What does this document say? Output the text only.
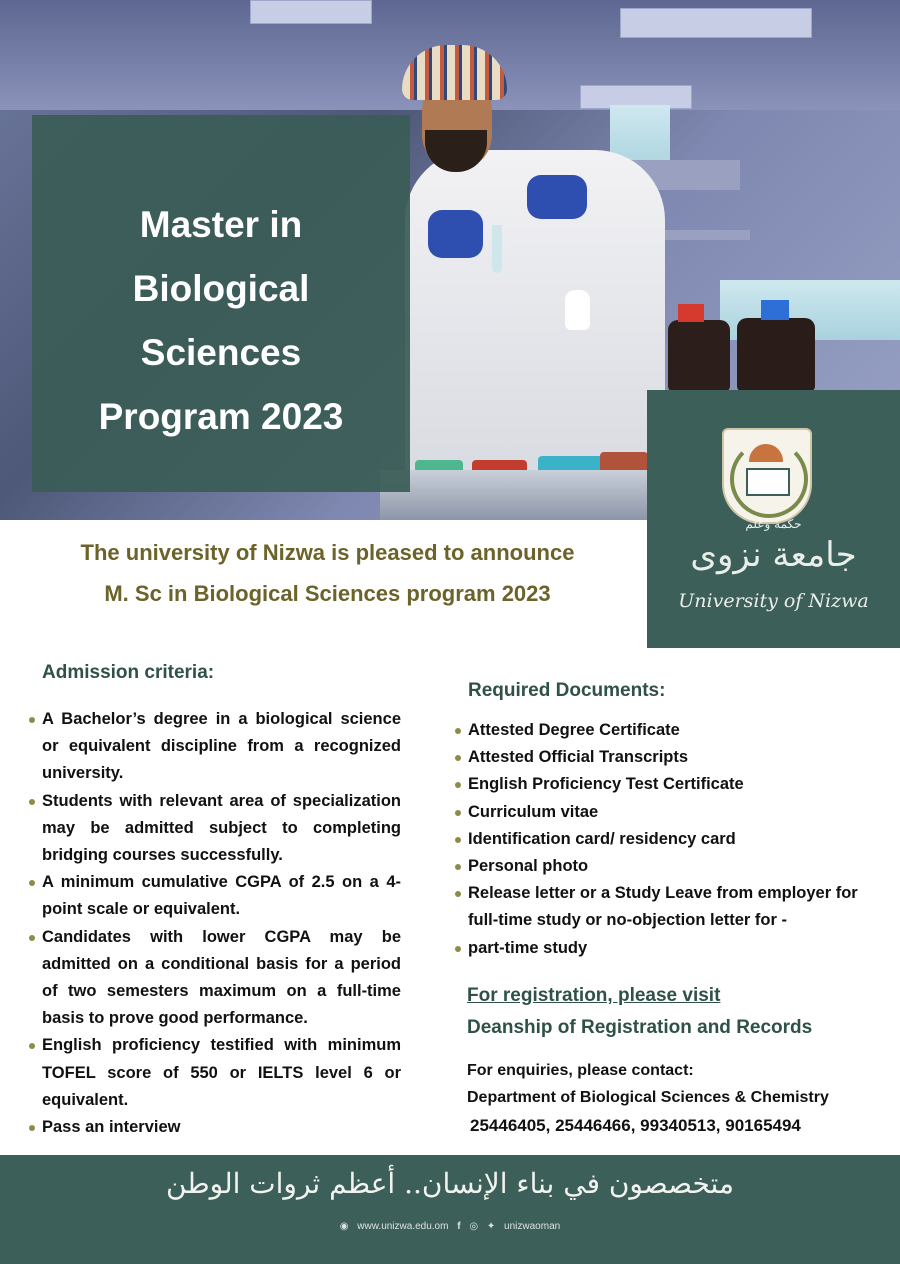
Master in
Biological
Sciences
Program 2023
حكمة وعلم
جامعة نزوى
University of Nizwa
The university of Nizwa is pleased to announce
M. Sc in Biological Sciences program 2023
Admission criteria:
A Bachelor’s degree in a biological science or equivalent discipline from a recognized university.
Students with relevant area of specialization may be admitted subject to completing bridging courses successfully.
A minimum cumulative CGPA of 2.5 on a 4-point scale or equivalent.
Candidates with lower CGPA may be admitted on a conditional basis for a period of two semesters maximum on a full-time basis to prove good performance.
English proficiency testified with minimum TOFEL score of 550 or IELTS level 6 or equivalent.
Pass an interview
Required Documents:
Attested Degree Certificate
Attested Official Transcripts
English Proficiency Test Certificate
Curriculum vitae
Identification card/ residency card
Personal photo
Release letter or a Study Leave from employer for full-time study or no-objection letter for -
part-time study
For registration, please visit
Deanship of Registration and Records
For enquiries, please contact:
Department of Biological Sciences & Chemistry
25446405, 25446466, 99340513, 90165494
متخصصون في بناء الإنسان.. أعظم ثروات الوطن
◉ www.unizwa.edu.om f ◎ ✦ unizwaoman
